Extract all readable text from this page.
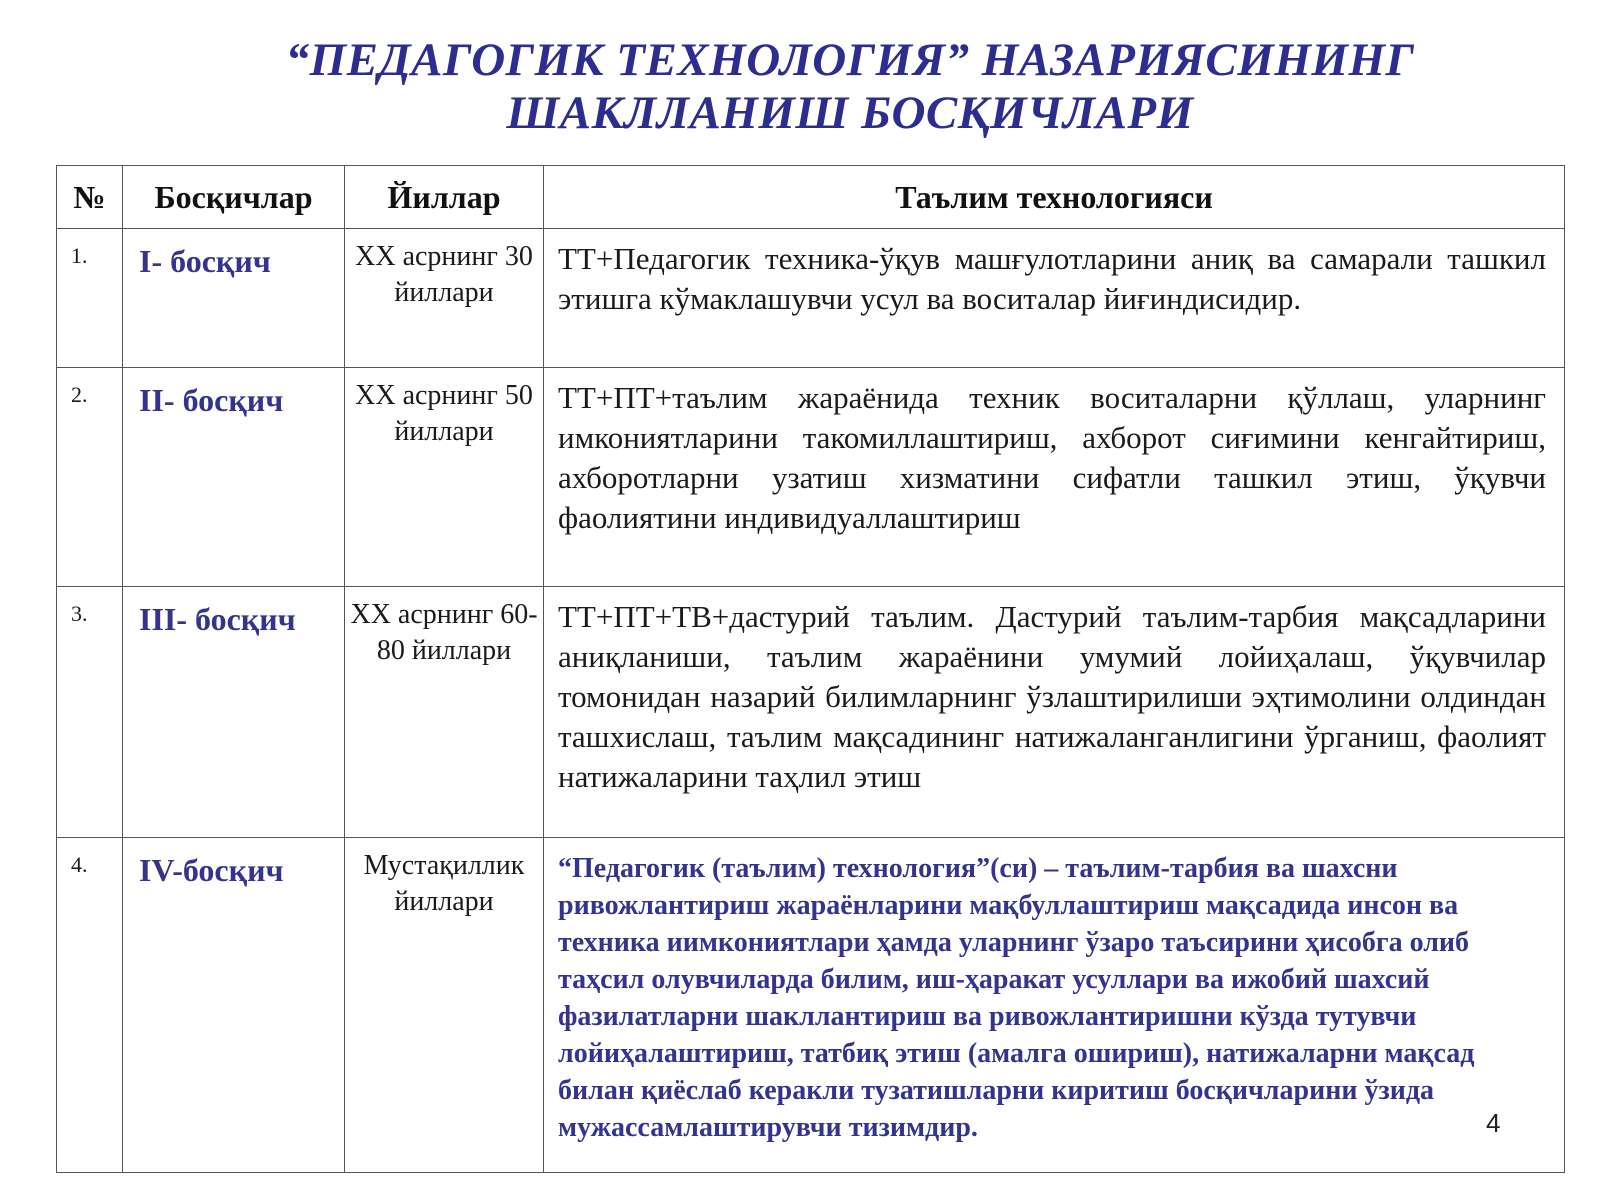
“ПЕДАГОГИК ТЕХНОЛОГИЯ” НАЗАРИЯСИНИНГ
ШАКЛЛАНИШ БОСҚИЧЛАРИ
№	Босқичлар	Йиллар	Таълим технологияси
1.	I- босқич	XX асрнинг 30 йиллари	ТТ+Педагогик техника-ўқув машғулотларини аниқ ва самарали ташкил этишга кўмаклашувчи усул ва воситалар йиғиндисидир.
2.	II- босқич	XX асрнинг 50 йиллари	ТТ+ПТ+таълим жараёнида техник воситаларни қўллаш, уларнинг имкониятларини такомиллаштириш, ахборот сиғимини кенгайтириш, ахборотларни узатиш хизматини сифатли ташкил этиш, ўқувчи фаолиятини индивидуаллаштириш
3.	III- босқич	XX асрнинг 60-80 йиллари	ТТ+ПТ+ТВ+дастурий таълим. Дастурий таълим-тарбия мақсадларини аниқланиши, таълим жараёнини умумий лойиҳалаш, ўқувчилар томонидан назарий билимларнинг ўзлаштирилиши эҳтимолини олдиндан ташхислаш, таълим мақсадининг натижаланганлигини ўрганиш, фаолият натижаларини таҳлил этиш
4.	IV-босқич	Мустақиллик йиллари	“Педагогик (таълим) технология”(си) – таълим-тарбия ва шахсни ривожлантириш жараёнларини мақбуллаштириш мақсадида инсон ва техника иимкониятлари ҳамда уларнинг ўзаро таъсирини ҳисобга олиб таҳсил олувчиларда билим, иш-ҳаракат усуллари ва ижобий шахсий фазилатларни шакллантириш ва ривожлантиришни кўзда тутувчи лойиҳалаштириш, татбиқ этиш (амалга ошириш), натижаларни мақсад билан қиёслаб керакли тузатишларни киритиш босқичларини ўзида мужассамлаштирувчи тизимдир.	4
